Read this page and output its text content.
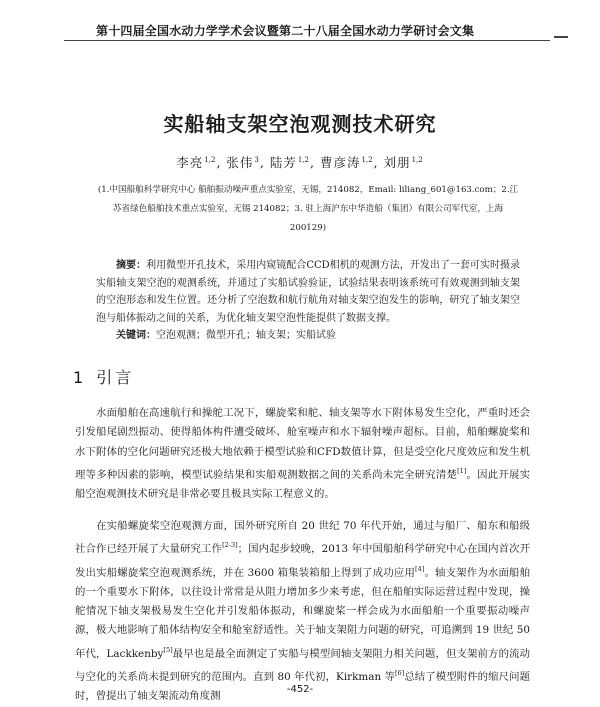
第十四届全国水动力学学术会议暨第二十八届全国水动力学研讨会文集
实船轴支架空泡观测技术研究
李亮$^{1,2}$, 张伟$^3$, 陆芳$^{1,2}$, 曹彦涛$^{1,2}$, 刘朋$^{1,2}$
(1.中国船舶科学研究中心 船舶振动噪声重点实验室，无锡，214082，Email: liliang_601@163.com；2.江苏省绿色船舶技术重点实验室，无锡 214082；3. 驻上海沪东中华造船（集团）有限公司军代室，上海 200129)
摘要：利用微型开孔技术，采用内窥镜配合CCD相机的观测方法，开发出了一套可实时摄录实船轴支架空泡的观测系统，并通过了实船试验验证，试验结果表明该系统可有效观测到轴支架的空泡形态和发生位置。还分析了空泡数和航行航角对轴支架空泡发生的影响，研究了轴支架空泡与船体振动之间的关系，为优化轴支架空泡性能提供了数据支撑。
关键词：空泡观测；微型开孔；轴支架；实船试验
1 引言
水面船舶在高速航行和操舵工况下，螺旋桨和舵、轴支架等水下附体易发生空化，严重时还会引发船尾剧烈振动、使得船体构件遭受破坏、舱室噪声和水下辐射噪声超标。目前，船舶螺旋桨和水下附体的空化问题研究还极大地依赖于模型试验和CFD数值计算，但是受空化尺度效应和发生机理等多种因素的影响，模型试验结果和实船观测数据之间的关系尚未完全研究清楚[1]。因此开展实船空泡观测技术研究是非常必要且极具实际工程意义的。
在实船螺旋桨空泡观测方面，国外研究所自 20 世纪 70 年代开始，通过与船厂、船东和船级社合作已经开展了大量研究工作[2-3]；国内起步较晚，2013 年中国船舶科学研究中心在国内首次开发出实船螺旋桨空泡观测系统，并在 3600 箱集装箱船上得到了成功应用[4]。轴支架作为水面船舶的一个重要水下附体，以往设计常常是从阻力增加多少来考虑，但在船舶实际运营过程中发现，操舵情况下轴支架极易发生空化并引发船体振动，和螺旋桨一样会成为水面船舶一个重要振动噪声源，极大地影响了船体结构安全和舱室舒适性。关于轴支架阻力问题的研究，可追溯到 19 世纪 50 年代，Lackkenby[5]最早也是最全面测定了实船与模型间轴支架阻力相关问题，但支架前方的流动与空化的关系尚未提到研究的范围内。直到 80 年代初，Kirkman 等[6]总结了模型附件的缩尺问题时，曾提出了轴支架流动角度测
-452-
